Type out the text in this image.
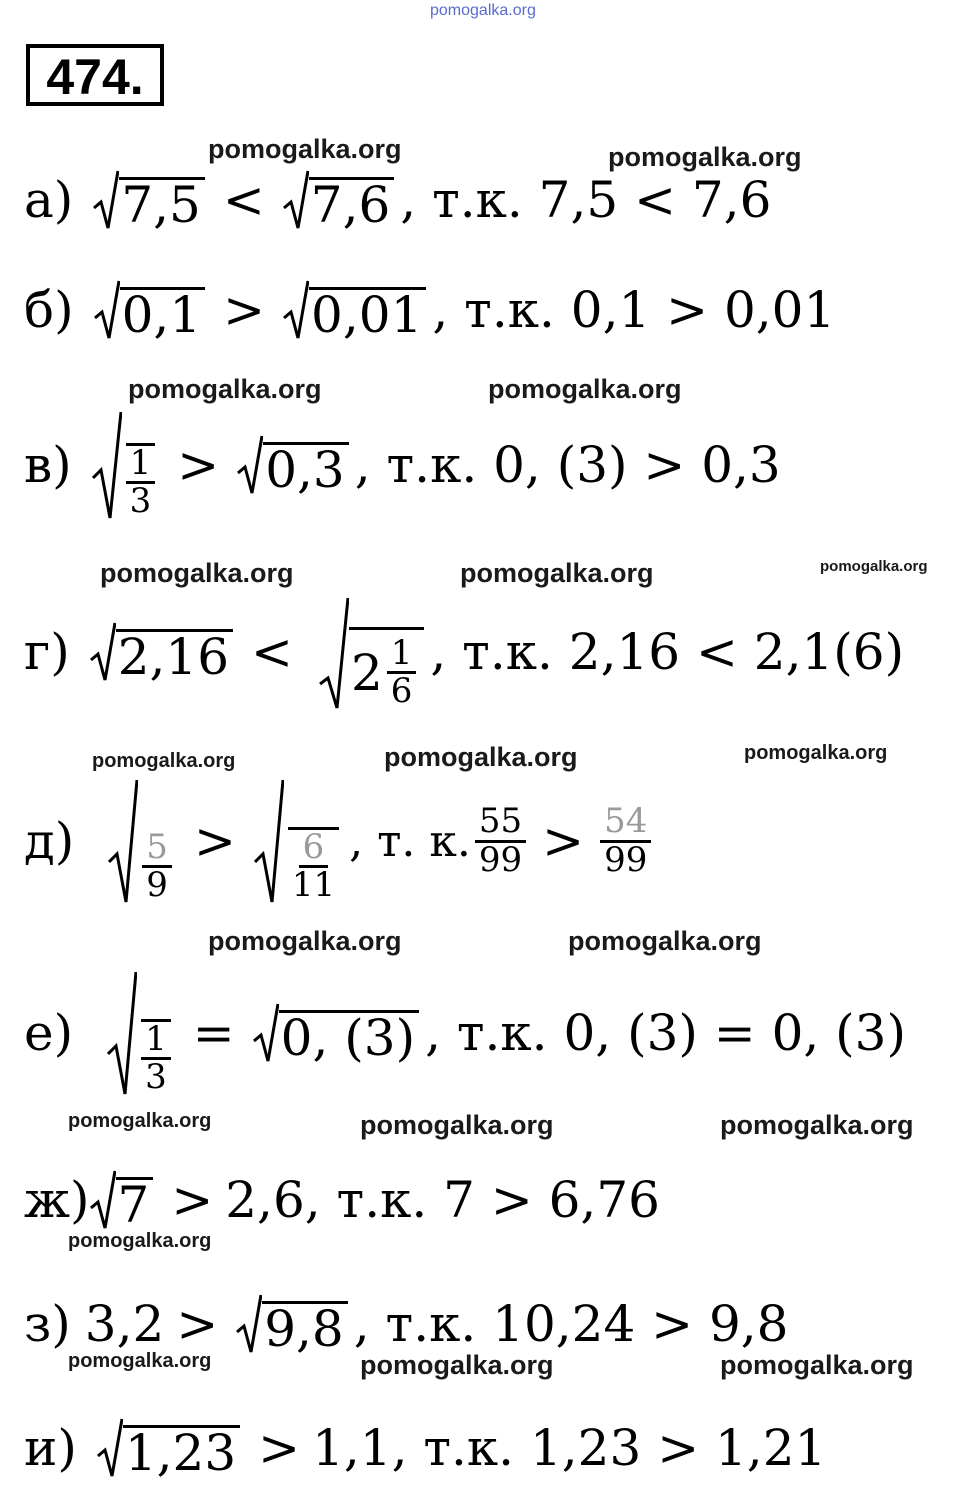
pomogalka.org
474.
pomogalka.org	pomogalka.org
pomogalka.org	pomogalka.org
pomogalka.org	pomogalka.org	pomogalka.org
pomogalka.org	pomogalka.org	pomogalka.org
pomogalka.org	pomogalka.org
pomogalka.org	pomogalka.org	pomogalka.org
pomogalka.org
pomogalka.org	pomogalka.org	pomogalka.org
а) 7,5 < 7,6 , т.к. 7,5 < 7,6
б) 0,1 > 0,01 , т.к. 0,1 > 0,01
$в) \frac{1}{3} > 0,3$ , т.к. 0, (3) > 0,3
г) $2,16 < 2 \frac{1}{6}$ , т.к. 2,16 < 2,1(6)
$д) \frac{5}{9} > \frac{6}{11}$ , т. к. $\frac{55}{99} > \frac{54}{99}$
$е) \frac{1}{3} = 0$, (3) , т.к. 0, (3) = 0, (3)
ж) 7 > 2,6, т.к. 7 > 6,76
з) 3,2 > 9,8 , т.к. 10,24 > 9,8
и) 1,23 > 1,1, т.к. 1,23 > 1,21
